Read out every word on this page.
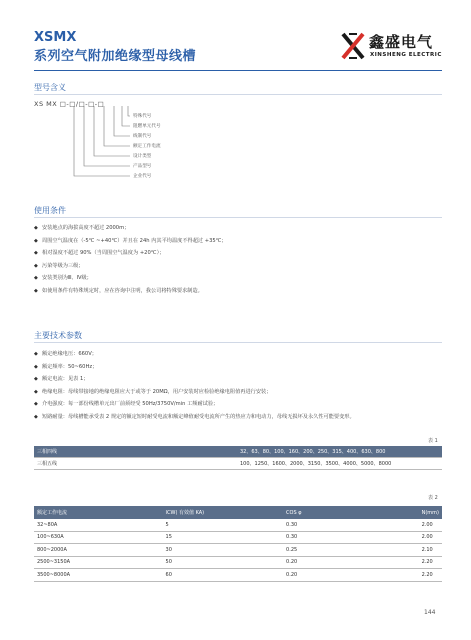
XSMX
系列空气附加绝缘型母线槽
鑫盛电气
XINSHENG ELECTRIC
型号含义
XS MX □-□/□-□-□
特殊代号
阻燃单元代号
线制代号
额定工作电流
设计类型
产品型号
企业代号
使用条件
◆ 安装地点的海拔高度不超过 2000m；
◆ 周围空气温度在（-5℃ ~+40℃）并且在 24h 内其平均温度不得超过 +35℃；
◆ 相对湿度不超过 90%（当周围空气温度为 +20℃）；
◆ 污染等级为三级；
◆ 安装类别为Ⅲ、Ⅳ级；
◆ 如使用条件有特殊规定时，应在咨询中注明，我公司将特殊要求制造。
主要技术参数
◆ 额定绝缘电压：660V；
◆ 额定频率：50~60Hz；
◆ 额定电流：见表 1；
◆ 绝缘电阻：母线带接地的绝缘电阻应大于或等于 20MΩ，用户安装时应检验绝缘电阻值再进行安装；
◆ 介电强度：每一部份线槽单元出厂前须经受 50Hz/3750V/min 工频耐试验；
◆ 短路耐量：母线槽能承受表 2 规定的额定短时耐受电流和额定峰值耐受电流所产生的热应力和电动力，母线无损坏及永久性可能要变形。
表 1
三相四线	32、63、80、100、160、200、250、315、400、630、800
三相五线	100、1250、1600、2000、3150、3500、4000、5000、8000
表 2
额定工作电流	ICW( 有效值 KA)	COS φ	N(mm)
32~80A	5	0.30	2.00
100~630A	15	0.30	2.00
800~2000A	30	0.25	2.10
2500~3150A	50	0.20	2.20
3500~8000A	60	0.20	2.20
144
